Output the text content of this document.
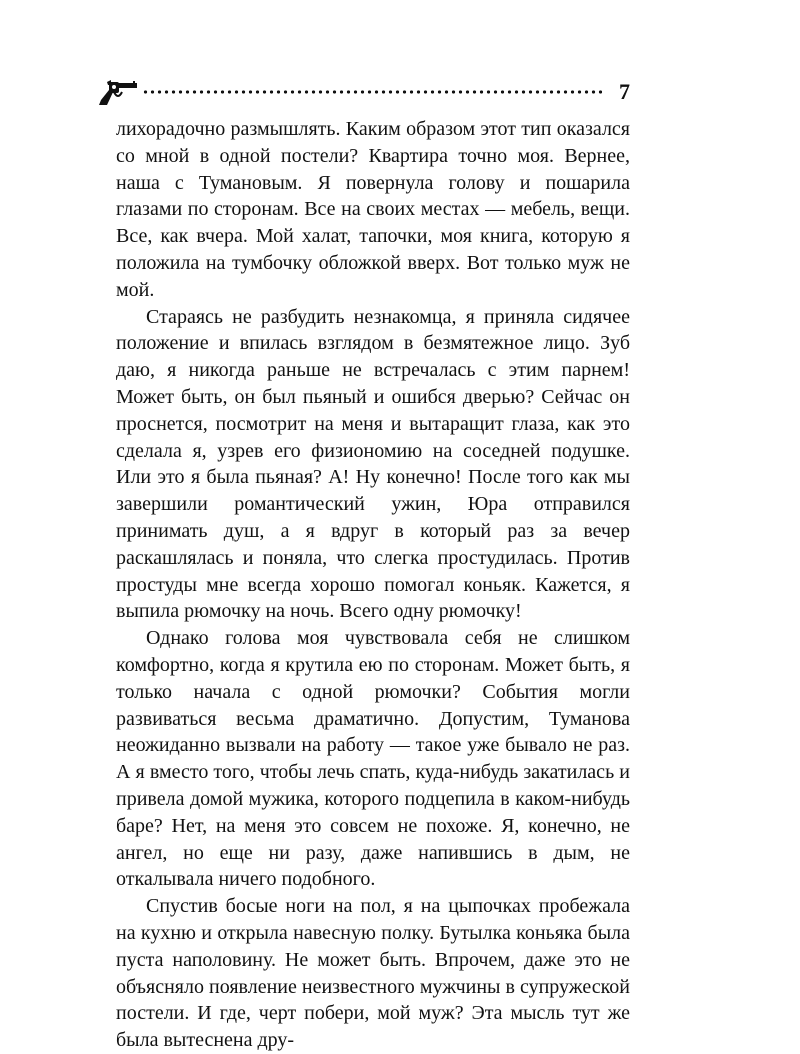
7

лихорадочно размышлять. Каким образом этот тип оказался со мной в одной постели? Квартира точно моя. Вернее, наша с Тумановым. Я повернула голову и пошарила глазами по сторонам. Все на своих местах — мебель, вещи. Все, как вчера. Мой халат, тапочки, моя книга, которую я положила на тумбочку обложкой вверх. Вот только муж не мой.

Стараясь не разбудить незнакомца, я приняла сидячее положение и впилась взглядом в безмятежное лицо. Зуб даю, я никогда раньше не встречалась с этим парнем! Может быть, он был пьяный и ошибся дверью? Сейчас он проснется, посмотрит на меня и вытаращит глаза, как это сделала я, узрев его физиономию на соседней подушке. Или это я была пьяная? А! Ну конечно! После того как мы завершили романтический ужин, Юра отправился принимать душ, а я вдруг в который раз за вечер раскашлялась и поняла, что слегка простудилась. Против простуды мне всегда хорошо помогал коньяк. Кажется, я выпила рюмочку на ночь. Всего одну рюмочку!

Однако голова моя чувствовала себя не слишком комфортно, когда я крутила ею по сторонам. Может быть, я только начала с одной рюмочки? События могли развиваться весьма драматично. Допустим, Туманова неожиданно вызвали на работу — такое уже бывало не раз. А я вместо того, чтобы лечь спать, куда-нибудь закатилась и привела домой мужика, которого подцепила в каком-нибудь баре? Нет, на меня это совсем не похоже. Я, конечно, не ангел, но еще ни разу, даже напившись в дым, не откалывала ничего подобного.

Спустив босые ноги на пол, я на цыпочках пробежала на кухню и открыла навесную полку. Бутылка коньяка была пуста наполовину. Не может быть. Впрочем, даже это не объясняло появление неизвестного мужчины в супружеской постели. И где, черт побери, мой муж? Эта мысль тут же была вытеснена дру-
